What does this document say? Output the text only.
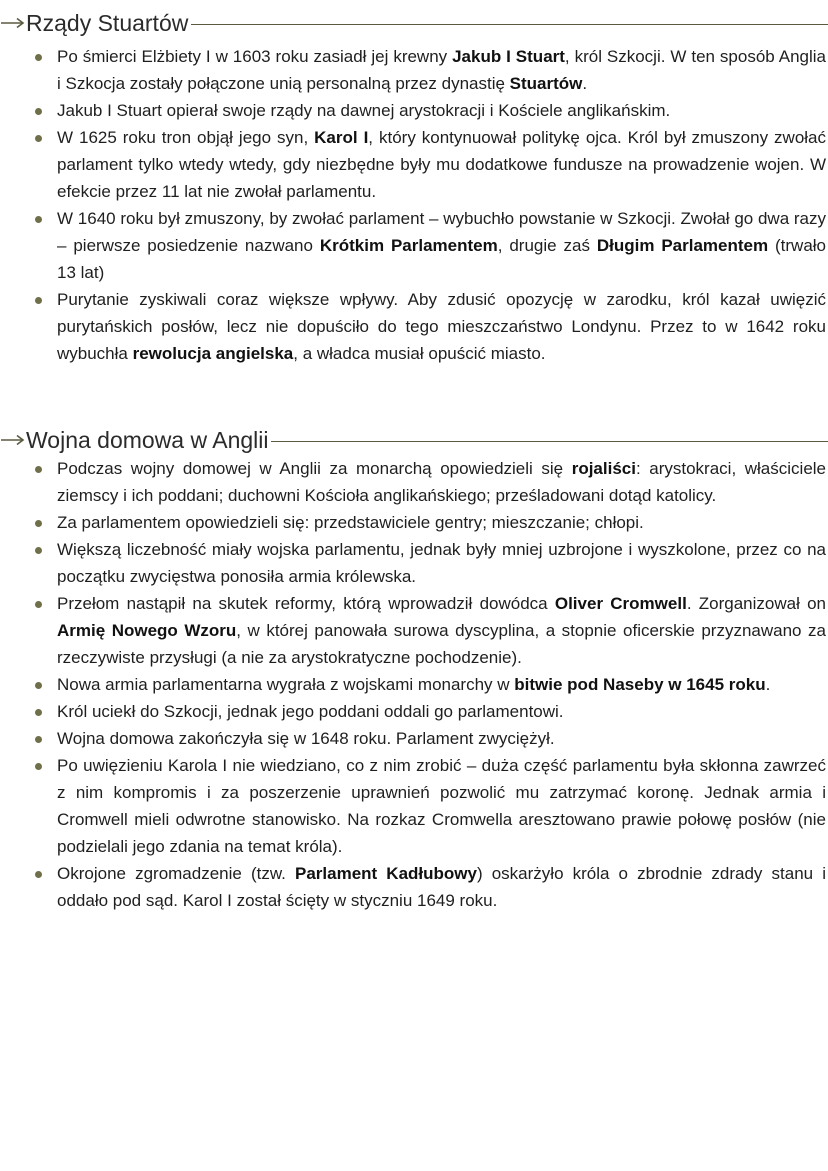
Rządy Stuartów
Po śmierci Elżbiety I w 1603 roku zasiadł jej krewny Jakub I Stuart, król Szkocji. W ten sposób Anglia i Szkocja zostały połączone unią personalną przez dynastię Stuartów.
Jakub I Stuart opierał swoje rządy na dawnej arystokracji i Kościele anglikańskim.
W 1625 roku tron objął jego syn, Karol I, który kontynuował politykę ojca. Król był zmuszony zwołać parlament tylko wtedy wtedy, gdy niezbędne były mu dodatkowe fundusze na prowadzenie wojen. W efekcie przez 11 lat nie zwołał parlamentu.
W 1640 roku był zmuszony, by zwołać parlament – wybuchło powstanie w Szkocji. Zwołał go dwa razy – pierwsze posiedzenie nazwano Krótkim Parlamentem, drugie zaś Długim Parlamentem (trwało 13 lat)
Purytanie zyskiwali coraz większe wpływy. Aby zdusić opozycję w zarodku, król kazał uwięzić purytańskich posłów, lecz nie dopuściło do tego mieszczaństwo Londynu. Przez to w 1642 roku wybuchła rewolucja angielska, a władca musiał opuścić miasto.
Wojna domowa w Anglii
Podczas wojny domowej w Anglii za monarchą opowiedzieli się rojaliści: arystokraci, właściciele ziemscy i ich poddani; duchowni Kościoła anglikańskiego; prześladowani dotąd katolicy.
Za parlamentem opowiedzieli się: przedstawiciele gentry; mieszczanie; chłopi.
Większą liczebność miały wojska parlamentu, jednak były mniej uzbrojone i wyszkolone, przez co na początku zwycięstwa ponosiła armia królewska.
Przełom nastąpił na skutek reformy, którą wprowadził dowódca Oliver Cromwell. Zorganizował on Armię Nowego Wzoru, w której panowała surowa dyscyplina, a stopnie oficerskie przyznawano za rzeczywiste przysługi (a nie za arystokratyczne pochodzenie).
Nowa armia parlamentarna wygrała z wojskami monarchy w bitwie pod Naseby w 1645 roku.
Król uciekł do Szkocji, jednak jego poddani oddali go parlamentowi.
Wojna domowa zakończyła się w 1648 roku. Parlament zwyciężył.
Po uwięzieniu Karola I nie wiedziano, co z nim zrobić – duża część parlamentu była skłonna zawrzeć z nim kompromis i za poszerzenie uprawnień pozwolić mu zatrzymać koronę. Jednak armia i Cromwell mieli odwrotne stanowisko. Na rozkaz Cromwella aresztowano prawie połowę posłów (nie podzielali jego zdania na temat króla).
Okrojone zgromadzenie (tzw. Parlament Kadłubowy) oskarżyło króla o zbrodnie zdrady stanu i oddało pod sąd. Karol I został ścięty w styczniu 1649 roku.
